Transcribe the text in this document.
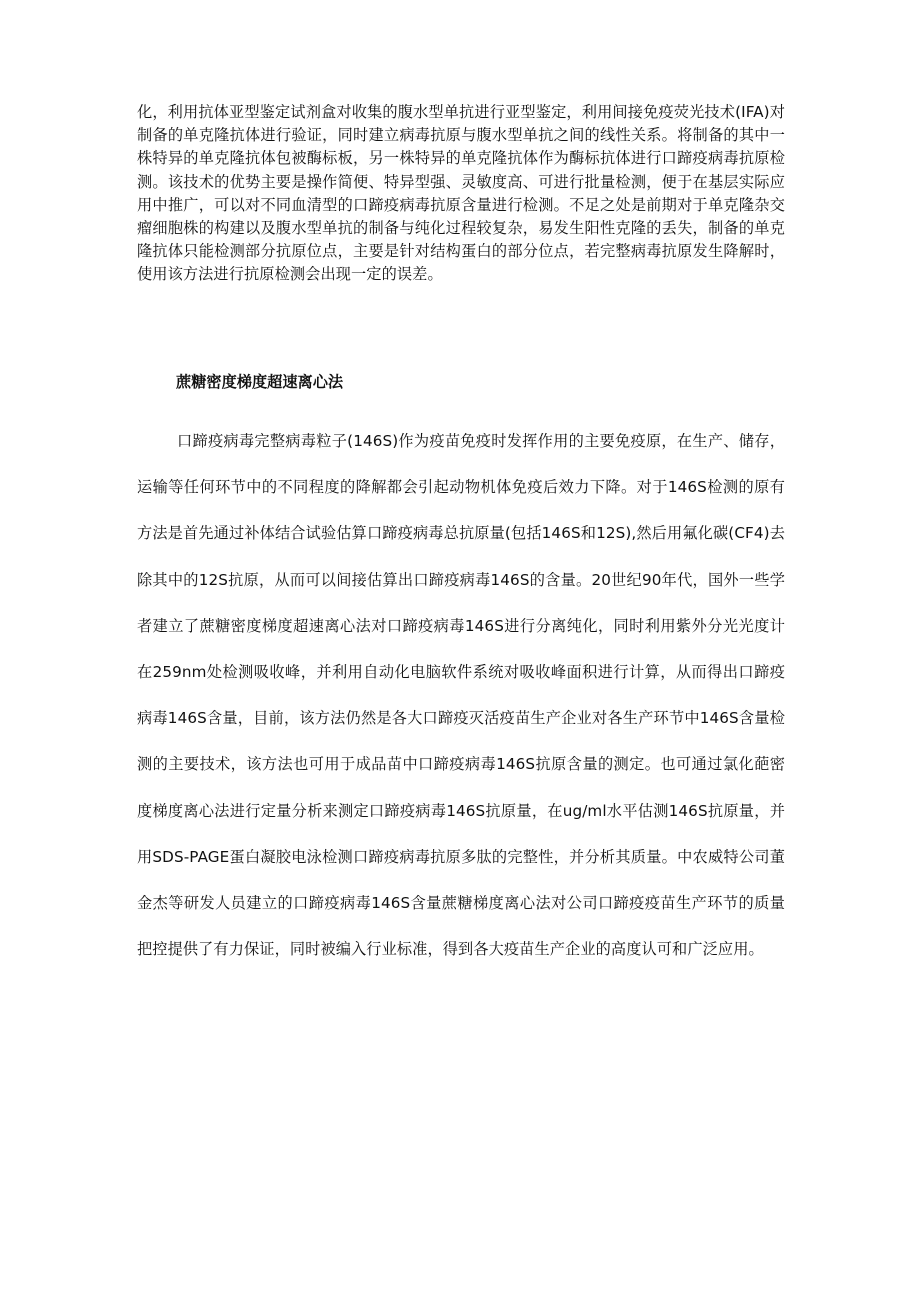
化，利用抗体亚型鉴定试剂盒对收集的腹水型单抗进行亚型鉴定，利用间接免疫荧光技术(IFA)对制备的单克隆抗体进行验证，同时建立病毒抗原与腹水型单抗之间的线性关系。将制备的其中一株特异的单克隆抗体包被酶标板，另一株特异的单克隆抗体作为酶标抗体进行口蹄疫病毒抗原检测。该技术的优势主要是操作简便、特异型强、灵敏度高、可进行批量检测，便于在基层实际应用中推广，可以对不同血清型的口蹄疫病毒抗原含量进行检测。不足之处是前期对于单克隆杂交瘤细胞株的构建以及腹水型单抗的制备与纯化过程较复杂，易发生阳性克隆的丢失，制备的单克隆抗体只能检测部分抗原位点，主要是针对结构蛋白的部分位点，若完整病毒抗原发生降解时，使用该方法进行抗原检测会出现一定的误差。

蔗糖密度梯度超速离心法

口蹄疫病毒完整病毒粒子(146S)作为疫苗免疫时发挥作用的主要免疫原，在生产、储存，运输等任何环节中的不同程度的降解都会引起动物机体免疫后效力下降。对于146S检测的原有方法是首先通过补体结合试验估算口蹄疫病毒总抗原量(包括146S和12S),然后用氟化碳(CF4)去除其中的12S抗原，从而可以间接估算出口蹄疫病毒146S的含量。20世纪90年代，国外一些学者建立了蔗糖密度梯度超速离心法对口蹄疫病毒146S进行分离纯化，同时利用紫外分光光度计在259nm处检测吸收峰，并利用自动化电脑软件系统对吸收峰面积进行计算，从而得出口蹄疫病毒146S含量，目前，该方法仍然是各大口蹄疫灭活疫苗生产企业对各生产环节中146S含量检测的主要技术，该方法也可用于成品苗中口蹄疫病毒146S抗原含量的测定。也可通过氯化葩密度梯度离心法进行定量分析来测定口蹄疫病毒146S抗原量，在ug/ml水平估测146S抗原量，并用SDS-PAGE蛋白凝胶电泳检测口蹄疫病毒抗原多肽的完整性，并分析其质量。中农威特公司董金杰等研发人员建立的口蹄疫病毒146S含量蔗糖梯度离心法对公司口蹄疫疫苗生产环节的质量把控提供了有力保证，同时被编入行业标准，得到各大疫苗生产企业的高度认可和广泛应用。
